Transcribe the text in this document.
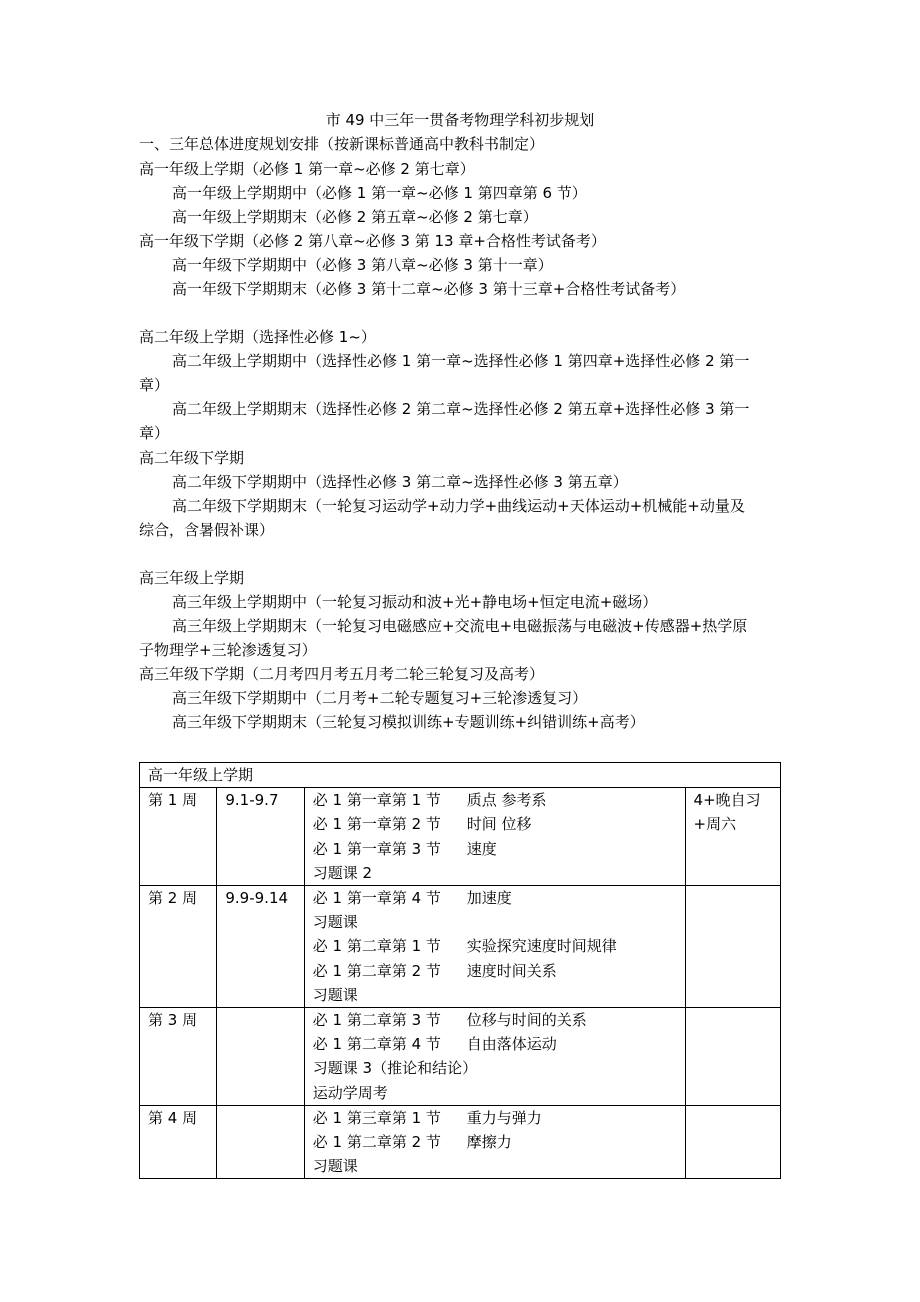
市 49 中三年一贯备考物理学科初步规划
一、三年总体进度规划安排（按新课标普通高中教科书制定）
高一年级上学期（必修 1 第一章~必修 2 第七章）
高一年级上学期期中（必修 1 第一章~必修 1 第四章第 6 节）
高一年级上学期期末（必修 2 第五章~必修 2 第七章）
高一年级下学期（必修 2 第八章~必修 3 第 13 章+合格性考试备考）
高一年级下学期期中（必修 3 第八章~必修 3 第十一章）
高一年级下学期期末（必修 3 第十二章~必修 3 第十三章+合格性考试备考）
高二年级上学期（选择性必修 1~）
高二年级上学期期中（选择性必修 1 第一章~选择性必修 1 第四章+选择性必修 2 第一
章）
高二年级上学期期末（选择性必修 2 第二章~选择性必修 2 第五章+选择性必修 3 第一
章）
高二年级下学期
高二年级下学期期中（选择性必修 3 第二章~选择性必修 3 第五章）
高二年级下学期期末（一轮复习运动学+动力学+曲线运动+天体运动+机械能+动量及
综合，含暑假补课）
高三年级上学期
高三年级上学期期中（一轮复习振动和波+光+静电场+恒定电流+磁场）
高三年级上学期期末（一轮复习电磁感应+交流电+电磁振荡与电磁波+传感器+热学原
子物理学+三轮渗透复习）
高三年级下学期（二月考四月考五月考二轮三轮复习及高考）
高三年级下学期期中（二月考+二轮专题复习+三轮渗透复习）
高三年级下学期期末（三轮复习模拟训练+专题训练+纠错训练+高考）
高一年级上学期			
第 1 周	9.1-9.7	必 1 第一章第 1 节 质点 参考系
必 1 第一章第 2 节 时间 位移
必 1 第一章第 3 节 速度
习题课 2	4+晚自习+周六
第 2 周	9.9-9.14	必 1 第一章第 4 节 加速度
习题课
必 1 第二章第 1 节 实验探究速度时间规律
必 1 第二章第 2 节 速度时间关系
习题课	

第 3 周		必 1 第二章第 3 节 位移与时间的关系
必 1 第二章第 4 节 自由落体运动
习题课 3（推论和结论）
运动学周考	

第 4 周		必 1 第三章第 1 节 重力与弹力
必 1 第二章第 2 节 摩擦力
习题课	
